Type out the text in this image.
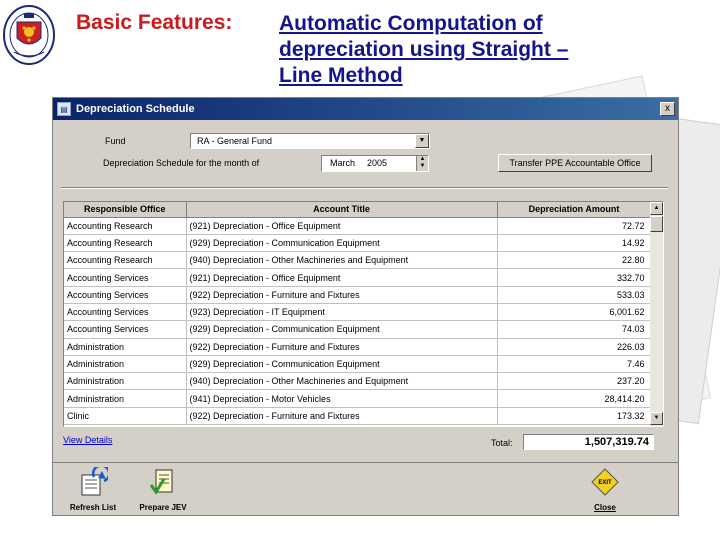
Basic Features: Automatic Computation of
depreciation using Straight –
Line Method
▤ Depreciation Schedule	x
Fund	RA - General Fund	▼
Depreciation Schedule for the month of	March 2005	▲
▼	Transfer PPE Accountable Office
Responsible Office	Account Title	Depreciation Amount
Accounting Research	(921) Depreciation - Office Equipment	72.72
Accounting Research	(929) Depreciation - Communication Equipment	14.92
Accounting Research	(940) Depreciation - Other Machineries and Equipment	22.80
Accounting Services	(921) Depreciation - Office Equipment	332.70
Accounting Services	(922) Depreciation - Furniture and Fixtures	533.03
Accounting Services	(923) Depreciation - IT Equipment	6,001.62
Accounting Services	(929) Depreciation - Communication Equipment	74.03
Administration	(922) Depreciation - Furniture and Fixtures	226.03
Administration	(929) Depreciation - Communication Equipment	7.46
Administration	(940) Depreciation - Other Machineries and Equipment	237.20
Administration	(941) Depreciation - Motor Vehicles	28,414.20
Clinic	(922) Depreciation - Furniture and Fixtures	173.32
▲
▼
View Details	Total:	1,507,319.74
Refresh List	Prepare JEV
EXIT
Close
